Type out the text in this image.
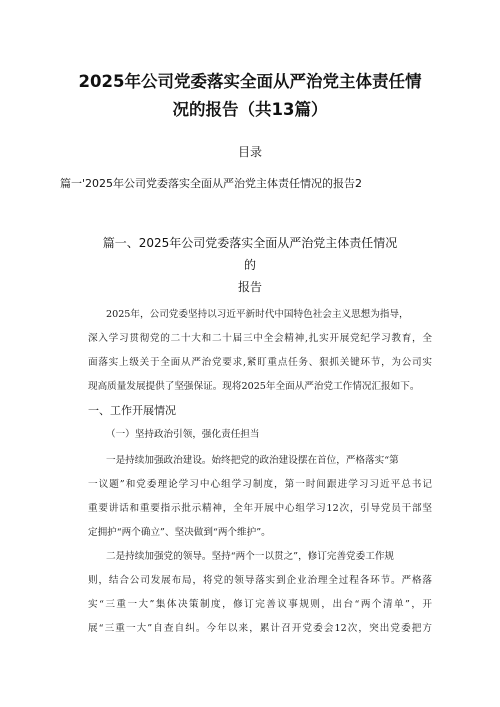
2025年公司党委落实全面从严治党主体责任情
况的报告（共13篇）
目录
篇一'2025年公司党委落实全面从严治党主体责任情况的报告2
篇一、2025年公司党委落实全面从严治党主体责任情况的
报告
2025年，公司党委坚持以习近平新时代中国特色社会主义思想为指导，
深入学习贯彻党的二十大和二十届三中全会精神,扎实开展党纪学习教育，全
面落实上级关于全面从严治党要求,紧盯重点任务、狠抓关键环节，为公司实
现高质量发展提供了坚强保证。现将2025年全面从严治党工作情况汇报如下。
一、工作开展情况
（一）坚持政治引领，强化责任担当
一是持续加强政治建设。始终把党的政治建设摆在首位，严格落实“第
一议题”和党委理论学习中心组学习制度，第一时间跟进学习习近平总书记
重要讲话和重要指示批示精神，全年开展中心组学习12次，引导党员干部坚
定拥护“两个确立”、坚决做到“两个维护”。
二是持续加强党的领导。坚持“两个一以贯之”，修订完善党委工作规
则，结合公司发展布局，将党的领导落实到企业治理全过程各环节。严格落
实“三重一大”集体决策制度，修订完善议事规则，出台“两个清单”，开
展“三重一大”自查自纠。今年以来，累计召开党委会12次，突出党委把方
